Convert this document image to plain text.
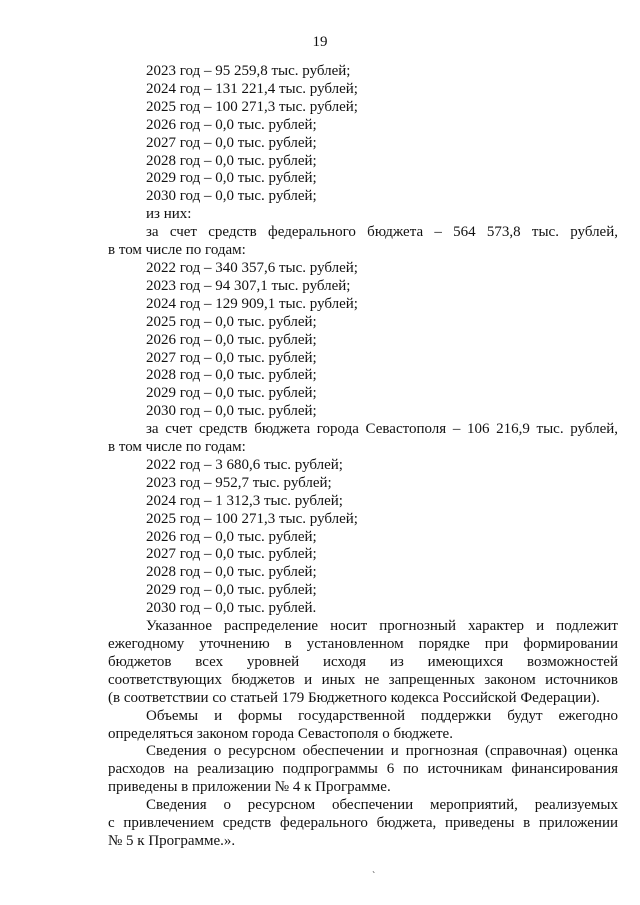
19
2023 год – 95 259,8 тыс. рублей;
2024 год – 131 221,4 тыс. рублей;
2025 год – 100 271,3 тыс. рублей;
2026 год – 0,0 тыс. рублей;
2027 год – 0,0 тыс. рублей;
2028 год – 0,0 тыс. рублей;
2029 год – 0,0 тыс. рублей;
2030 год – 0,0 тыс. рублей;
из них:
за счет средств федерального бюджета – 564 573,8 тыс. рублей,
в том числе по годам:
2022 год – 340 357,6 тыс. рублей;
2023 год – 94 307,1 тыс. рублей;
2024 год – 129 909,1 тыс. рублей;
2025 год – 0,0 тыс. рублей;
2026 год – 0,0 тыс. рублей;
2027 год – 0,0 тыс. рублей;
2028 год – 0,0 тыс. рублей;
2029 год – 0,0 тыс. рублей;
2030 год – 0,0 тыс. рублей;
за счет средств бюджета города Севастополя – 106 216,9 тыс. рублей,
в том числе по годам:
2022 год – 3 680,6 тыс. рублей;
2023 год – 952,7 тыс. рублей;
2024 год – 1 312,3 тыс. рублей;
2025 год – 100 271,3 тыс. рублей;
2026 год – 0,0 тыс. рублей;
2027 год – 0,0 тыс. рублей;
2028 год – 0,0 тыс. рублей;
2029 год – 0,0 тыс. рублей;
2030 год – 0,0 тыс. рублей.
Указанное распределение носит прогнозный характер и подлежит
ежегодному уточнению в установленном порядке при формировании
бюджетов всех уровней исходя из имеющихся возможностей
соответствующих бюджетов и иных не запрещенных законом источников
(в соответствии со статьей 179 Бюджетного кодекса Российской Федерации).
Объемы и формы государственной поддержки будут ежегодно
определяться законом города Севастополя о бюджете.
Сведения о ресурсном обеспечении и прогнозная (справочная) оценка
расходов на реализацию подпрограммы 6 по источникам финансирования
приведены в приложении № 4 к Программе.
Сведения о ресурсном обеспечении мероприятий, реализуемых
с привлечением средств федерального бюджета, приведены в приложении
№ 5 к Программе.».
`
